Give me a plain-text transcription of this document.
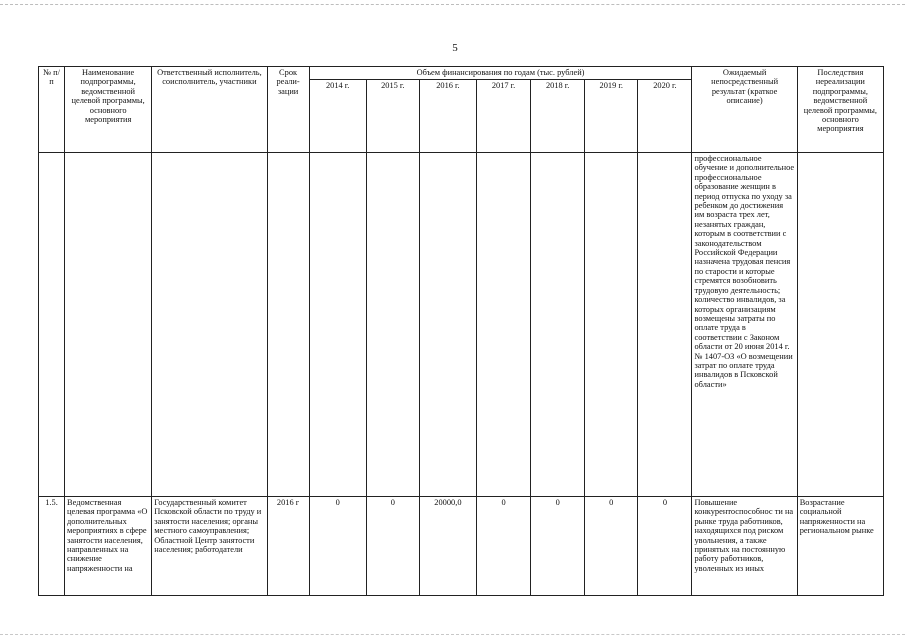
5
№ п/п	Наименование подпрограммы, ведомственной целевой программы, основного мероприятия	Ответственный исполнитель, соисполнитель, участники	Срок реали-зации	Объем финансирования по годам (тыс. рублей)							Ожидаемый непосредственный результат (краткое описание)	Последствия нереализации подпрограммы, ведомственной целевой программы, основного мероприятия
				2014 г.	2015 г.	2016 г.	2017 г.	2018 г.	2019 г.	2020 г.		
											профессиональное обучение и дополнительное профессиональное образование женщин в период отпуска по уходу за ребенком до достижения им возраста трех лет, незанятых граждан, которым в соответствии с законодательством Российской Федерации назначена трудовая пенсия по старости и которые стремятся возобновить трудовую деятельность; количество инвалидов, за которых организациям возмещены затраты по оплате труда в соответствии с Законом области от 20 июня 2014 г. № 1407-ОЗ «О возмещении затрат по оплате труда инвалидов в Псковской области»	
1.5.	Ведомственная целевая программа «О дополнительных мероприятиях в сфере занятости населения, направленных на снижение напряженности на	Государственный комитет Псковской области по труду и занятости населения; органы местного самоуправления; Областной Центр занятости населения; работодатели	2016 г	0	0	20000,0	0	0	0	0	Повышение конкурентоспособнос ти на рынке труда работников, находящихся под риском увольнения, а также принятых на постоянную работу работников, уволенных из иных	Возрастание социальной напряженности на региональном рынке
